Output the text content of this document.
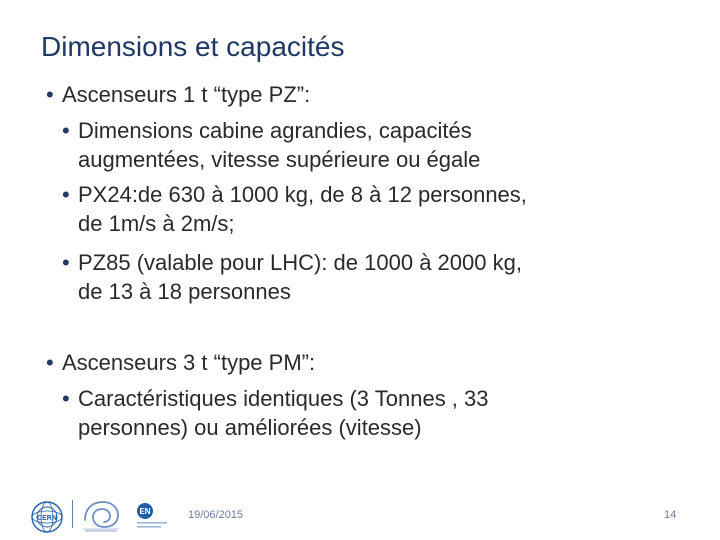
Dimensions et capacités
• Ascenseurs 1 t “type PZ”:
• Dimensions cabine agrandies, capacités
augmentées, vitesse supérieure ou égale
• PX24:de 630 à 1000 kg, de 8 à 12 personnes,
de 1m/s à 2m/s;
• PZ85 (valable pour LHC): de 1000 à 2000 kg,
de 13 à 18 personnes
• Ascenseurs 3 t “type PM”:
• Caractéristiques identiques (3 Tonnes , 33
personnes) ou améliorées (vitesse)
CERN
EN	19/06/2015	14
